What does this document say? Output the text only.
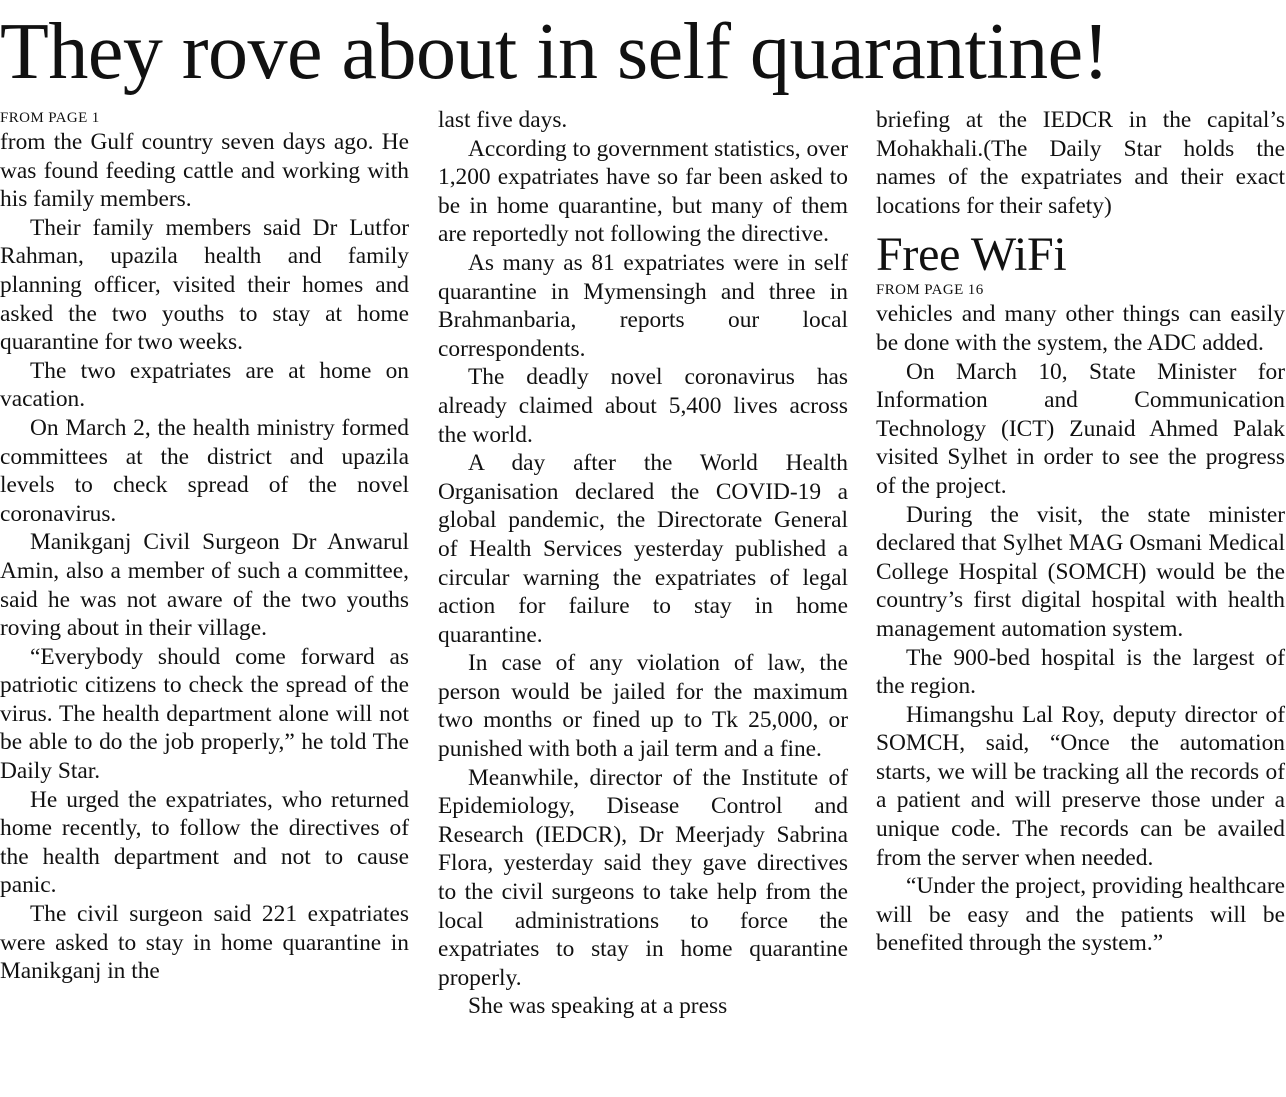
They rove about in self quarantine!
FROM PAGE 1

from the Gulf country seven days ago. He was found feeding cattle and working with his family members.

Their family members said Dr Lutfor Rahman, upazila health and family planning officer, visited their homes and asked the two youths to stay at home quarantine for two weeks.

The two expatriates are at home on vacation.

On March 2, the health ministry formed committees at the district and upazila levels to check spread of the novel coronavirus.

Manikganj Civil Surgeon Dr Anwarul Amin, also a member of such a committee, said he was not aware of the two youths roving about in their village.

“Everybody should come forward as patriotic citizens to check the spread of the virus. The health department alone will not be able to do the job properly,” he told The Daily Star.

He urged the expatriates, who returned home recently, to follow the directives of the health department and not to cause panic.

The civil surgeon said 221 expatriates were asked to stay in home quarantine in Manikganj in the

last five days.

According to government statistics, over 1,200 expatriates have so far been asked to be in home quarantine, but many of them are reportedly not following the directive.

As many as 81 expatriates were in self quarantine in Mymensingh and three in Brahmanbaria, reports our local correspondents.

The deadly novel coronavirus has already claimed about 5,400 lives across the world.

A day after the World Health Organisation declared the COVID-19 a global pandemic, the Directorate General of Health Services yesterday published a circular warning the expatriates of legal action for failure to stay in home quarantine.

In case of any violation of law, the person would be jailed for the maximum two months or fined up to Tk 25,000, or punished with both a jail term and a fine.

Meanwhile, director of the Institute of Epidemiology, Disease Control and Research (IEDCR), Dr Meerjady Sabrina Flora, yesterday said they gave directives to the civil surgeons to take help from the local administrations to force the expatriates to stay in home quarantine properly.

She was speaking at a press

briefing at the IEDCR in the capital’s Mohakhali.(The Daily Star holds the names of the expatriates and their exact locations for their safety)

Free WiFi
FROM PAGE 16

vehicles and many other things can easily be done with the system, the ADC added.

On March 10, State Minister for Information and Communication Technology (ICT) Zunaid Ahmed Palak visited Sylhet in order to see the progress of the project.

During the visit, the state minister declared that Sylhet MAG Osmani Medical College Hospital (SOMCH) would be the country’s first digital hospital with health management automation system.

The 900-bed hospital is the largest of the region.

Himangshu Lal Roy, deputy director of SOMCH, said, “Once the automation starts, we will be tracking all the records of a patient and will preserve those under a unique code. The records can be availed from the server when needed.

“Under the project, providing healthcare will be easy and the patients will be benefited through the system.”
